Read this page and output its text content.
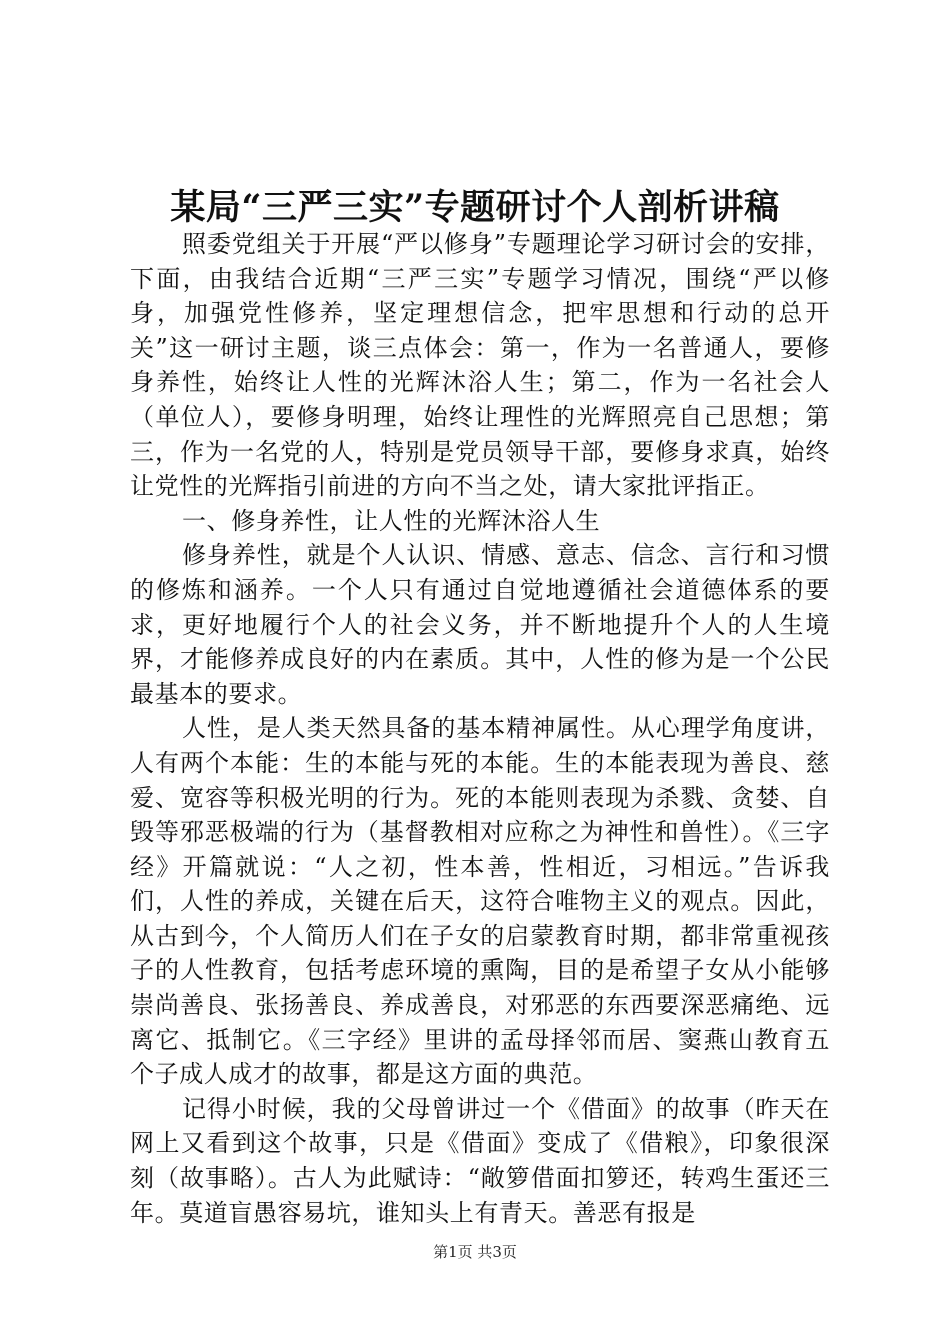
某局“三严三实”专题研讨个人剖析讲稿

照委党组关于开展“严以修身”专题理论学习研讨会的安排，下面，由我结合近期“三严三实”专题学习情况，围绕“严以修身，加强党性修养，坚定理想信念，把牢思想和行动的总开关”这一研讨主题，谈三点体会：第一，作为一名普通人，要修身养性，始终让人性的光辉沐浴人生；第二，作为一名社会人（单位人），要修身明理，始终让理性的光辉照亮自己思想；第三，作为一名党的人，特别是党员领导干部，要修身求真，始终让党性的光辉指引前进的方向不当之处，请大家批评指正。

一、修身养性，让人性的光辉沐浴人生

修身养性，就是个人认识、情感、意志、信念、言行和习惯的修炼和涵养。一个人只有通过自觉地遵循社会道德体系的要求，更好地履行个人的社会义务，并不断地提升个人的人生境界，才能修养成良好的内在素质。其中，人性的修为是一个公民最基本的要求。

人性，是人类天然具备的基本精神属性。从心理学角度讲，人有两个本能：生的本能与死的本能。生的本能表现为善良、慈爱、宽容等积极光明的行为。死的本能则表现为杀戮、贪婪、自毁等邪恶极端的行为（基督教相对应称之为神性和兽性）。《三字经》开篇就说：“人之初，性本善，性相近，习相远。”告诉我们，人性的养成，关键在后天，这符合唯物主义的观点。因此，从古到今，个人简历人们在子女的启蒙教育时期，都非常重视孩子的人性教育，包括考虑环境的熏陶，目的是希望子女从小能够崇尚善良、张扬善良、养成善良，对邪恶的东西要深恶痛绝、远离它、抵制它。《三字经》里讲的孟母择邻而居、窦燕山教育五个子成人成才的故事，都是这方面的典范。

记得小时候，我的父母曾讲过一个《借面》的故事（昨天在网上又看到这个故事，只是《借面》变成了《借粮》，印象很深刻（故事略）。古人为此赋诗：“敞箩借面扣箩还，转鸡生蛋还三年。莫道盲愚容易坑，谁知头上有青天。善恶有报是

第1页 共3页
